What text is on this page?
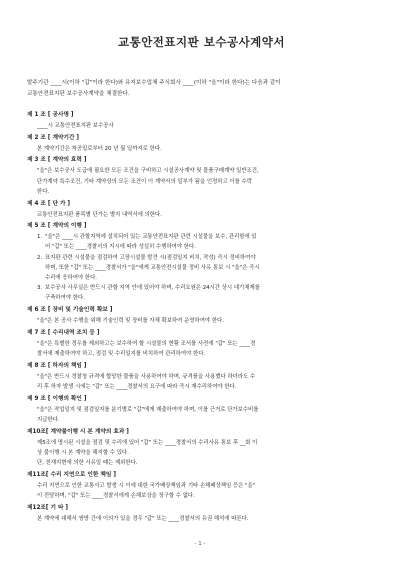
교통안전표지판 보수공사계약서
발주기관 ____시(이하 "갑"이라 한다)와 유지보수업체 주식회사 ____(이하 "을"이라 한다)는 다음과 같이
교통안전표지판 보수공사계약을 체결한다.
제 1 조 [ 공사명 ]
____시 교통안전표지판 보수공사
제 2 조 [ 계약기간 ]
본 계약기간은 착공일로부터 20 년 월 일까지로 한다.
제 3 조 [ 계약의 효력 ]
"을"은 보수공사 도급에 필요한 모든 조건을 구비하고 시설공사계약 및 물품구매계약 일반조건,
단가계약 특수조건, 기타 계약상의 모든 조건이 이 계약서의 일부가 됨을 인정하고 이를 수락
한다.
제 4 조 [ 단 가 ]
교통안전표지판 품목별 단가는 별지 내역서에 의한다.
제 5 조 [ 계약의 이행 ]
1. "을"은 ____시 관할지역에 설치되어 있는 교통안전표지판 관련 시설물을 보수, 관리함에 있
어 "갑" 또는 ____경찰서의 지시에 따라 성실히 수행하여야 한다.
2. 표지판 관련 시설물을 점검하여 고장시설물 발견 시(점검일지 비치, 작성) 즉시 정비하여야
하며, 또한 "갑" 또는 ____경찰서가 "을"에게 교통안전시설물 정비 사유 통보 시 "을"은 즉시
수리에 응하여야 한다.
3. 보수공사 사무실은 반드시 관할 지역 안에 있어야 하며, 수리요원은 24시간 상시 대기체제를
구축하여야 한다.
제 6 조 [ 장비 및 기술인력 확보 ]
"을"은 본 공사 수행을 위해 기술인력 및 장비를 자체 확보하여 운영하여야 한다.
제 7 조 [ 수리내역 조치 등 ]
"을"은 특별한 경우를 제외하고는 보수하여 할 시설물의 현황 조서를 사전에 "갑" 또는 ____경
찰서에 제출하여야 하고, 점검 및 수리일지를 비치하여 관리하여야 한다.
제 8 조 [ 하자의 책임 ]
"을"은 반드시 경찰청 규격에 합당한 물품을 사용하여야 하며, 규격품을 사용했다 하더라도 수
리 후 하자 발생 시에는 "갑" 또는 ____경찰서의 요구에 따라 즉시 재수리하여야 한다.
제 9 조 [ 이행의 확인 ]
"을"은 작업일지 및 점검일지를 분기별로 "갑"에게 제출하여야 하며, 이를 근거로 단가보수비를
지급한다.
제10조[ 계약불이행 시 본 계약의 효과 ]
제5조에 명시된 시설을 점검 및 수리에 있어 "갑" 또는 ____경찰서의 수리사유 통보 후 __회 이
상 불이행 시 본 계약을 해지할 수 있다.
단, 천재지변에 의한 사유일 때는 제외한다.
제11조[ 수리 지연으로 인한 책임 ]
수리 지연으로 인한 교통사고 발생 시 이에 대한 국가배상책임과 기타 손해배상책임 등은 "을"
이 전담하며, "갑" 또는 ____경찰서에게 손해보상을 청구할 수 없다.
제12조[ 기 타 ]
본 계약에 대해서 쌍방 간에 이의가 있을 경우 "갑" 또는 ____경찰서의 유권 해석에 따른다.
- 1 -
